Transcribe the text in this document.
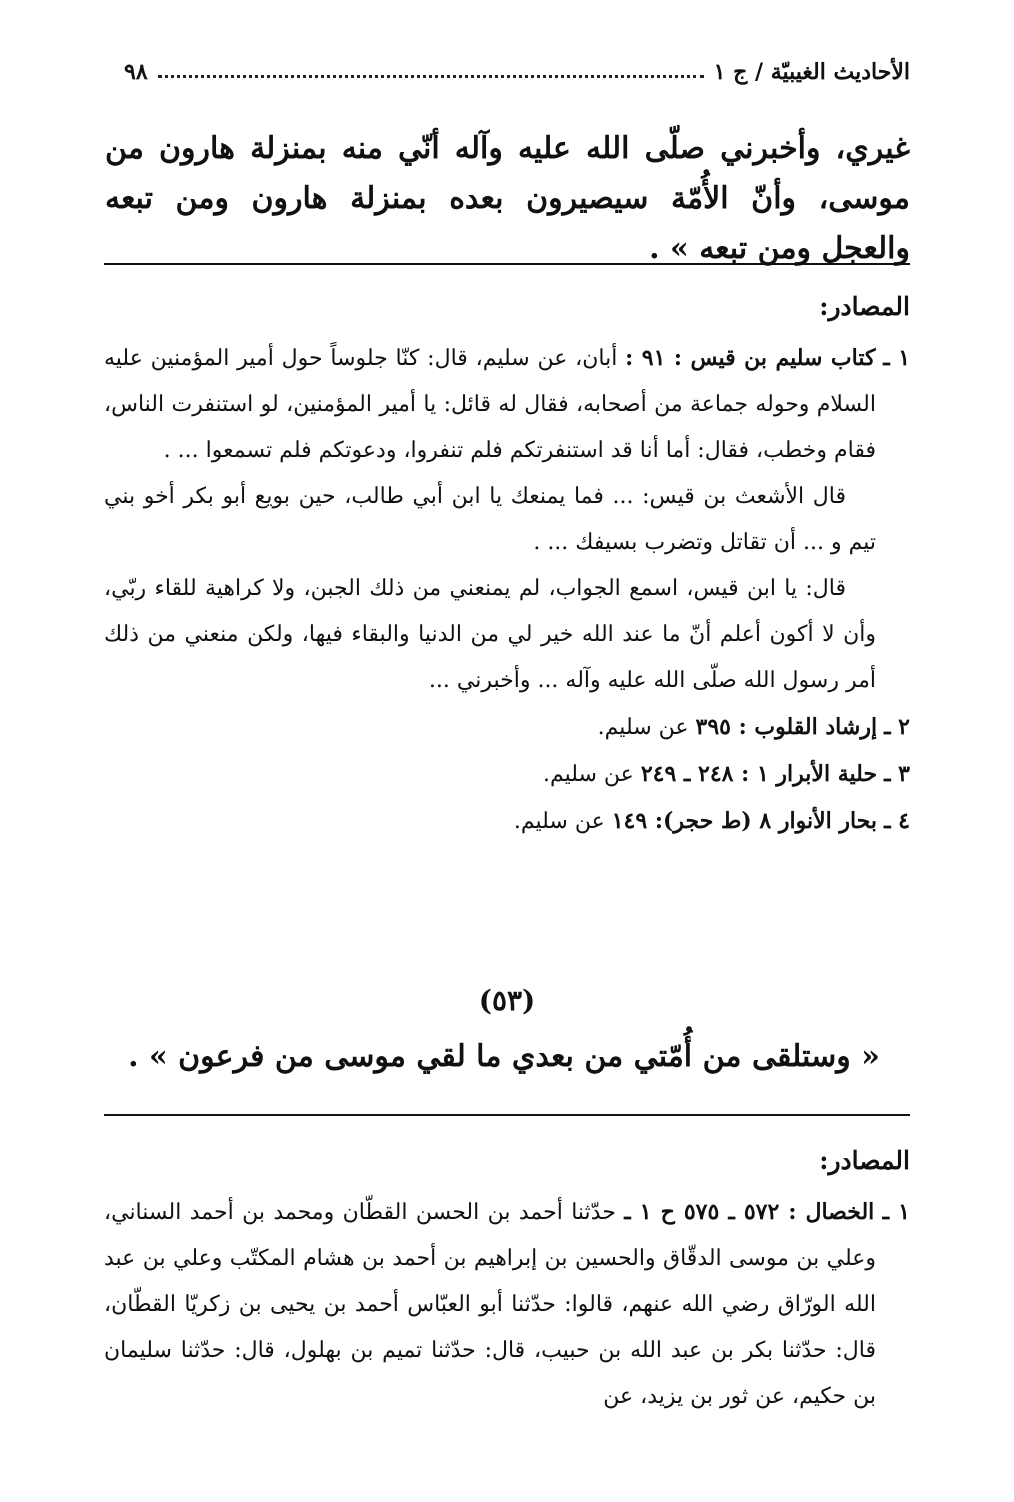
٩٨	الأحاديث الغيبيّة / ج ١
غيري، وأخبرني صلّى الله عليه وآله أنّي منه بمنزلة هارون من موسى، وأنّ الأُمّة سيصيرون بعده بمنزلة هارون ومن تبعه والعجل ومن تبعه » .
المصادر:
١ ـ كتاب سليم بن قيس : ٩١ : أبان، عن سليم، قال: كنّا جلوساً حول أمير المؤمنين عليه السلام وحوله جماعة من أصحابه، فقال له قائل: يا أمير المؤمنين، لو استنفرت الناس، فقام وخطب، فقال: أما أنا قد استنفرتكم فلم تنفروا، ودعوتكم فلم تسمعوا ... .
قال الأشعث بن قيس: ... فما يمنعك يا ابن أبي طالب، حين بويع أبو بكر أخو بني تيم و ... أن تقاتل وتضرب بسيفك ... .
قال: يا ابن قيس، اسمع الجواب، لم يمنعني من ذلك الجبن، ولا كراهية للقاء ربّي، وأن لا أكون أعلم أنّ ما عند الله خير لي من الدنيا والبقاء فيها، ولكن منعني من ذلك أمر رسول الله صلّى الله عليه وآله ... وأخبرني ...
٢ ـ إرشاد القلوب : ٣٩٥ عن سليم.
٣ ـ حلية الأبرار ١ : ٢٤٨ ـ ٢٤٩ عن سليم.
٤ ـ بحار الأنوار ٨ (ط حجر): ١٤٩ عن سليم.
(٥٣)
« وستلقى من أُمّتي من بعدي ما لقي موسى من فرعون » .
المصادر:
١ ـ الخصال : ٥٧٢ ـ ٥٧٥ ح ١ ـ حدّثنا أحمد بن الحسن القطّان ومحمد بن أحمد السناني، وعلي بن موسى الدقّاق والحسين بن إبراهيم بن أحمد بن هشام المكتّب وعلي بن عبد الله الورّاق رضي الله عنهم، قالوا: حدّثنا أبو العبّاس أحمد بن يحيى بن زكريّا القطّان، قال: حدّثنا بكر بن عبد الله بن حبيب، قال: حدّثنا تميم بن بهلول، قال: حدّثنا سليمان بن حكيم، عن ثور بن يزيد، عن
